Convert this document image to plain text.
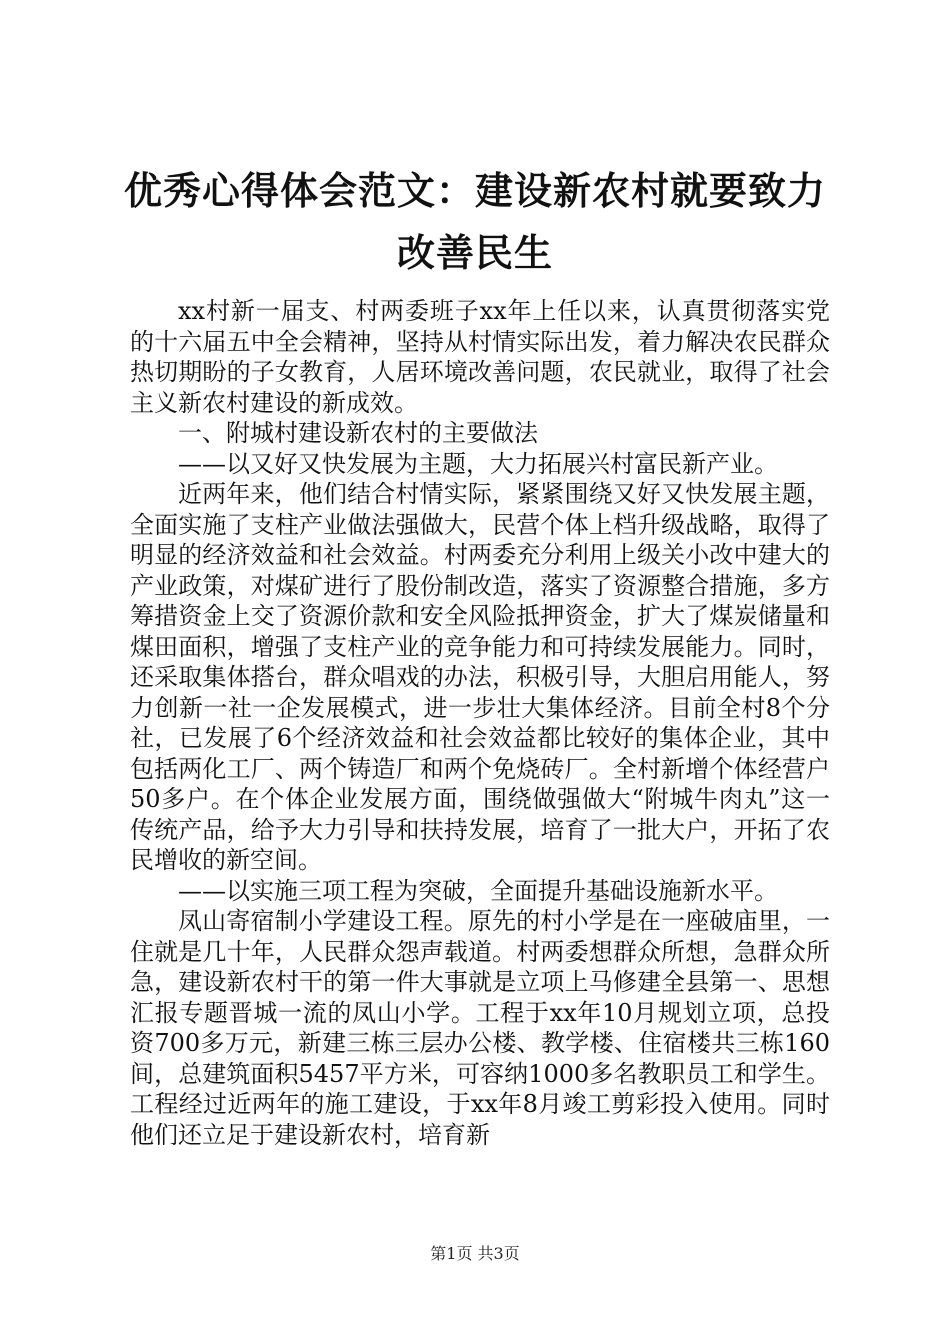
优秀心得体会范文：建设新农村就要致力改善民生

xx村新一届支、村两委班子xx年上任以来，认真贯彻落实党的十六届五中全会精神，坚持从村情实际出发，着力解决农民群众热切期盼的子女教育，人居环境改善问题，农民就业，取得了社会主义新农村建设的新成效。

一、附城村建设新农村的主要做法

——以又好又快发展为主题，大力拓展兴村富民新产业。

近两年来，他们结合村情实际，紧紧围绕又好又快发展主题，全面实施了支柱产业做法强做大，民营个体上档升级战略，取得了明显的经济效益和社会效益。村两委充分利用上级关小改中建大的产业政策，对煤矿进行了股份制改造，落实了资源整合措施，多方筹措资金上交了资源价款和安全风险抵押资金，扩大了煤炭储量和煤田面积，增强了支柱产业的竞争能力和可持续发展能力。同时，还采取集体搭台，群众唱戏的办法，积极引导，大胆启用能人，努力创新一社一企发展模式，进一步壮大集体经济。目前全村8个分社，已发展了6个经济效益和社会效益都比较好的集体企业，其中包括两化工厂、两个铸造厂和两个免烧砖厂。全村新增个体经营户50多户。在个体企业发展方面，围绕做强做大“附城牛肉丸”这一传统产品，给予大力引导和扶持发展，培育了一批大户，开拓了农民增收的新空间。

——以实施三项工程为突破，全面提升基础设施新水平。

凤山寄宿制小学建设工程。原先的村小学是在一座破庙里，一住就是几十年，人民群众怨声载道。村两委想群众所想，急群众所急，建设新农村干的第一件大事就是立项上马修建全县第一、思想汇报专题晋城一流的凤山小学。工程于xx年10月规划立项，总投资700多万元，新建三栋三层办公楼、教学楼、住宿楼共三栋160间，总建筑面积5457平方米，可容纳1000多名教职员工和学生。工程经过近两年的施工建设，于xx年8月竣工剪彩投入使用。同时他们还立足于建设新农村，培育新

第1页 共3页
